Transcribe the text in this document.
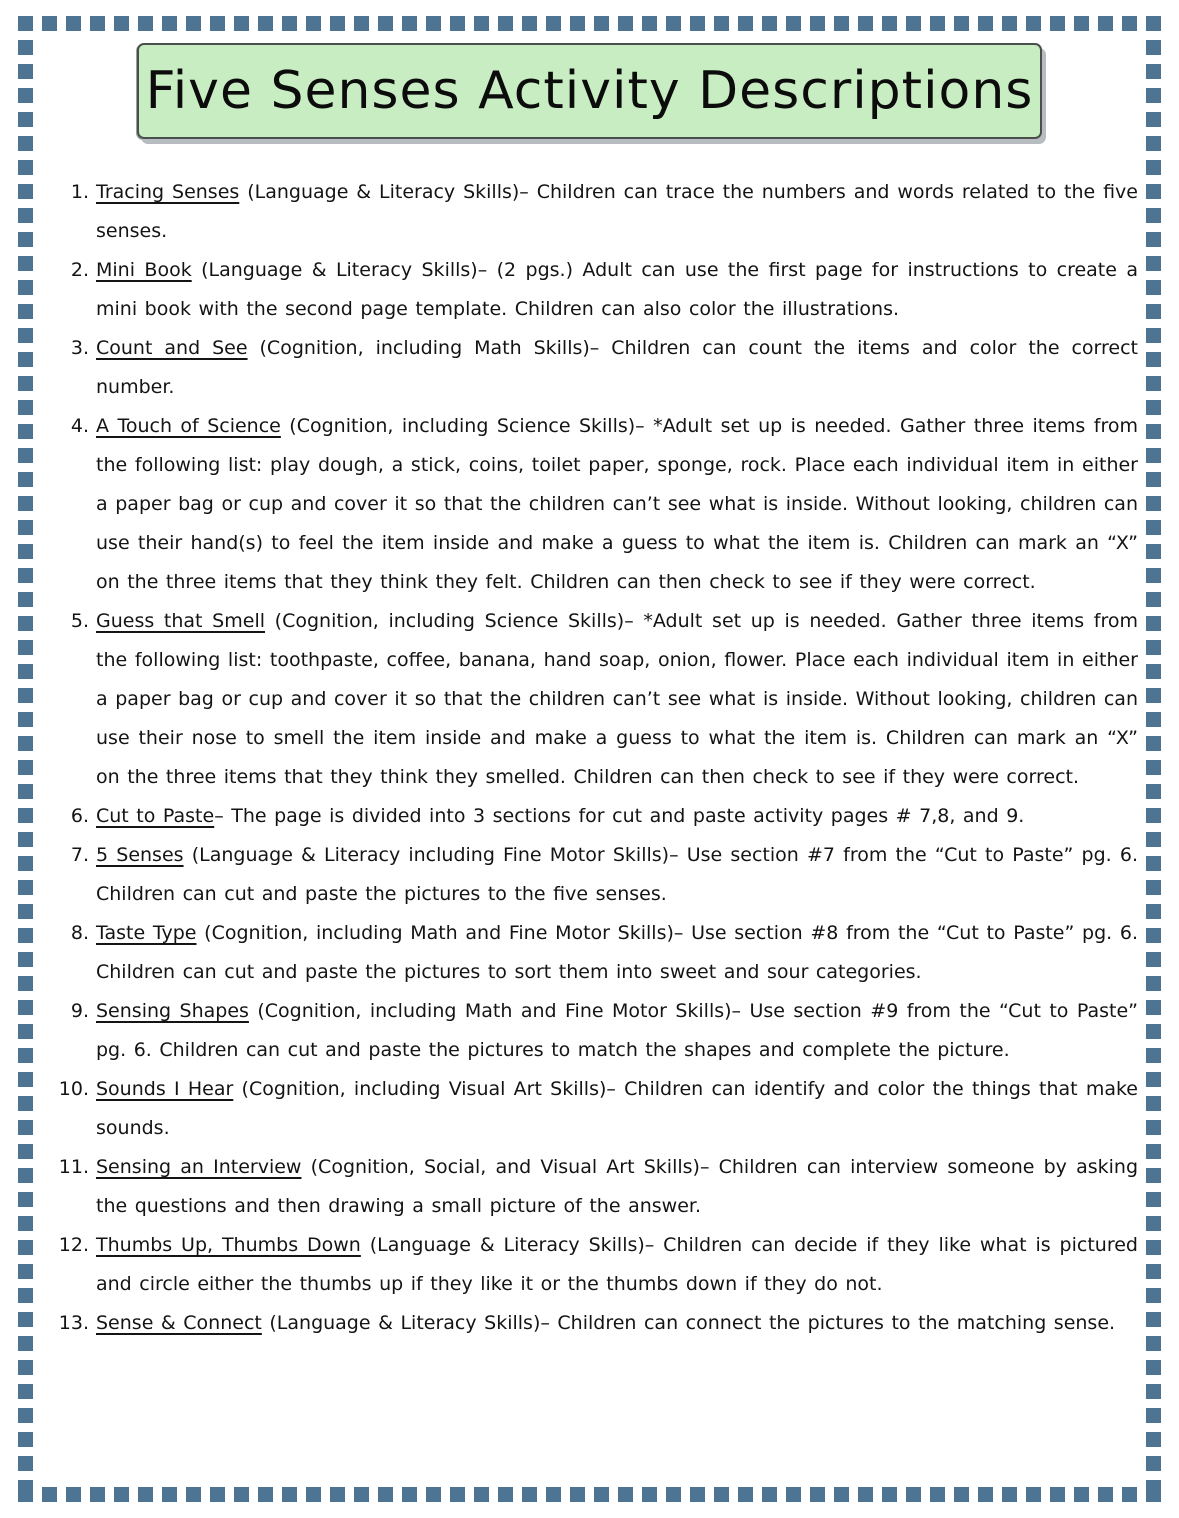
Five Senses Activity Descriptions
1. Tracing Senses (Language & Literacy Skills)– Children can trace the numbers and words related to the five senses.

2. Mini Book (Language & Literacy Skills)– (2 pgs.) Adult can use the first page for instructions to create a mini book with the second page template. Children can also color the illustrations.

3. Count and See (Cognition, including Math Skills)– Children can count the items and color the correct number.

4. A Touch of Science (Cognition, including Science Skills)– *Adult set up is needed. Gather three items from the following list: play dough, a stick, coins, toilet paper, sponge, rock. Place each individual item in either a paper bag or cup and cover it so that the children can’t see what is inside. Without looking, children can use their hand(s) to feel the item inside and make a guess to what the item is. Children can mark an “X” on the three items that they think they felt. Children can then check to see if they were correct.

5. Guess that Smell (Cognition, including Science Skills)– *Adult set up is needed. Gather three items from the following list: toothpaste, coffee, banana, hand soap, onion, flower. Place each individual item in either a paper bag or cup and cover it so that the children can’t see what is inside. Without looking, children can use their nose to smell the item inside and make a guess to what the item is. Children can mark an “X” on the three items that they think they smelled. Children can then check to see if they were correct.

6. Cut to Paste– The page is divided into 3 sections for cut and paste activity pages # 7,8, and 9.

7. 5 Senses (Language & Literacy including Fine Motor Skills)– Use section #7 from the “Cut to Paste” pg. 6. Children can cut and paste the pictures to the five senses.

8. Taste Type (Cognition, including Math and Fine Motor Skills)– Use section #8 from the “Cut to Paste” pg. 6. Children can cut and paste the pictures to sort them into sweet and sour categories.

9. Sensing Shapes (Cognition, including Math and Fine Motor Skills)– Use section #9 from the “Cut to Paste” pg. 6. Children can cut and paste the pictures to match the shapes and complete the picture.

10. Sounds I Hear (Cognition, including Visual Art Skills)– Children can identify and color the things that make sounds.

11. Sensing an Interview (Cognition, Social, and Visual Art Skills)– Children can interview someone by asking the questions and then drawing a small picture of the answer.

12. Thumbs Up, Thumbs Down (Language & Literacy Skills)– Children can decide if they like what is pictured and circle either the thumbs up if they like it or the thumbs down if they do not.

13. Sense & Connect (Language & Literacy Skills)– Children can connect the pictures to the matching sense.
